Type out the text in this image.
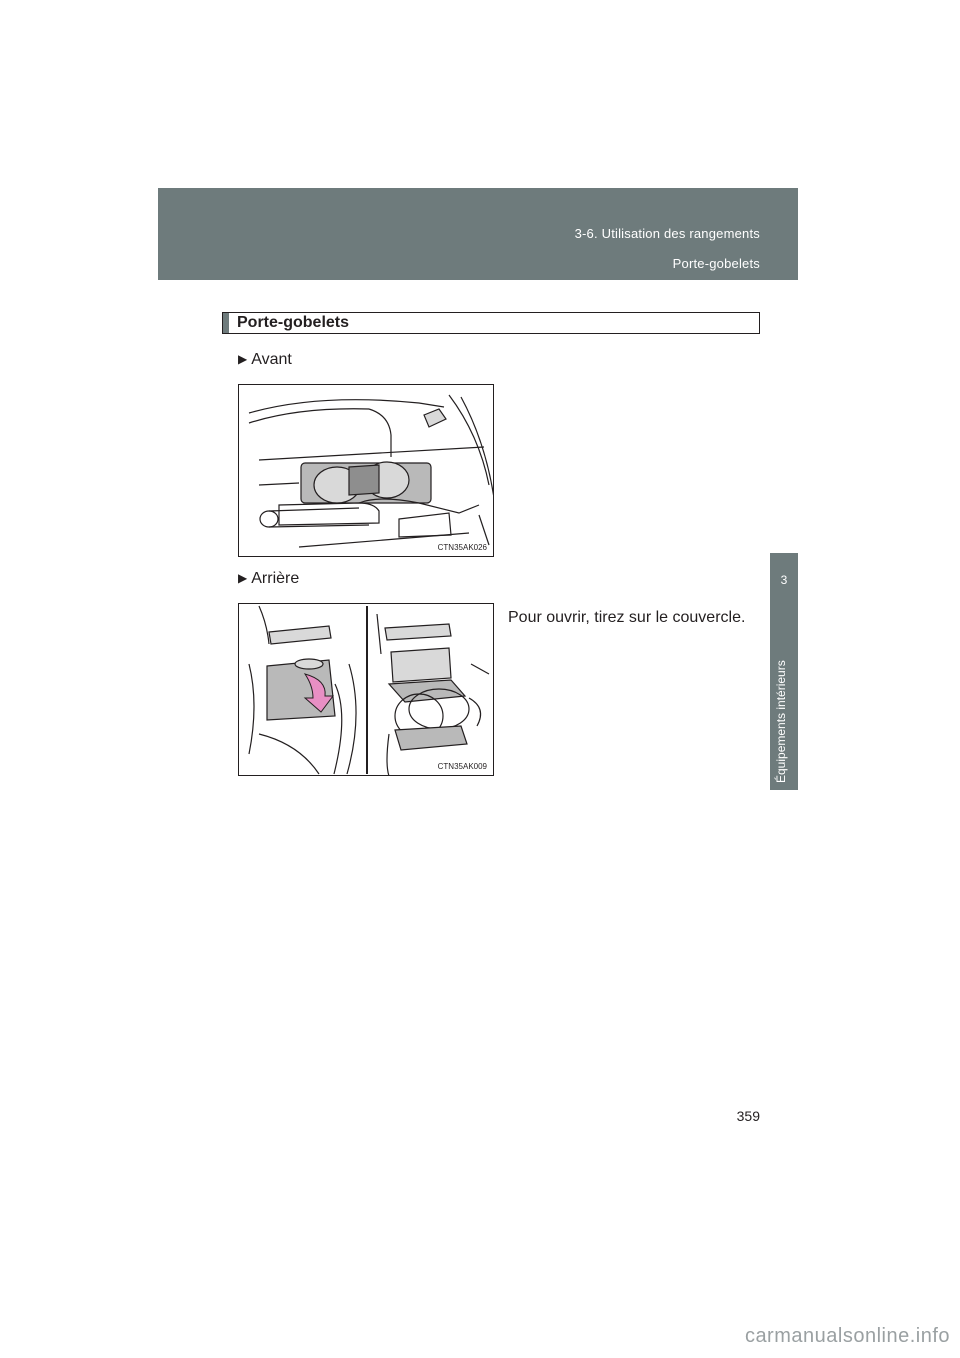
3-6. Utilisation des rangements
Porte-gobelets
3
Équipements intérieurs
Porte-gobelets
▶ Avant
CTN35AK026
▶ Arrière
CTN35AK009
Pour ouvrir, tirez sur le couvercle.
359
carmanualsonline.info
